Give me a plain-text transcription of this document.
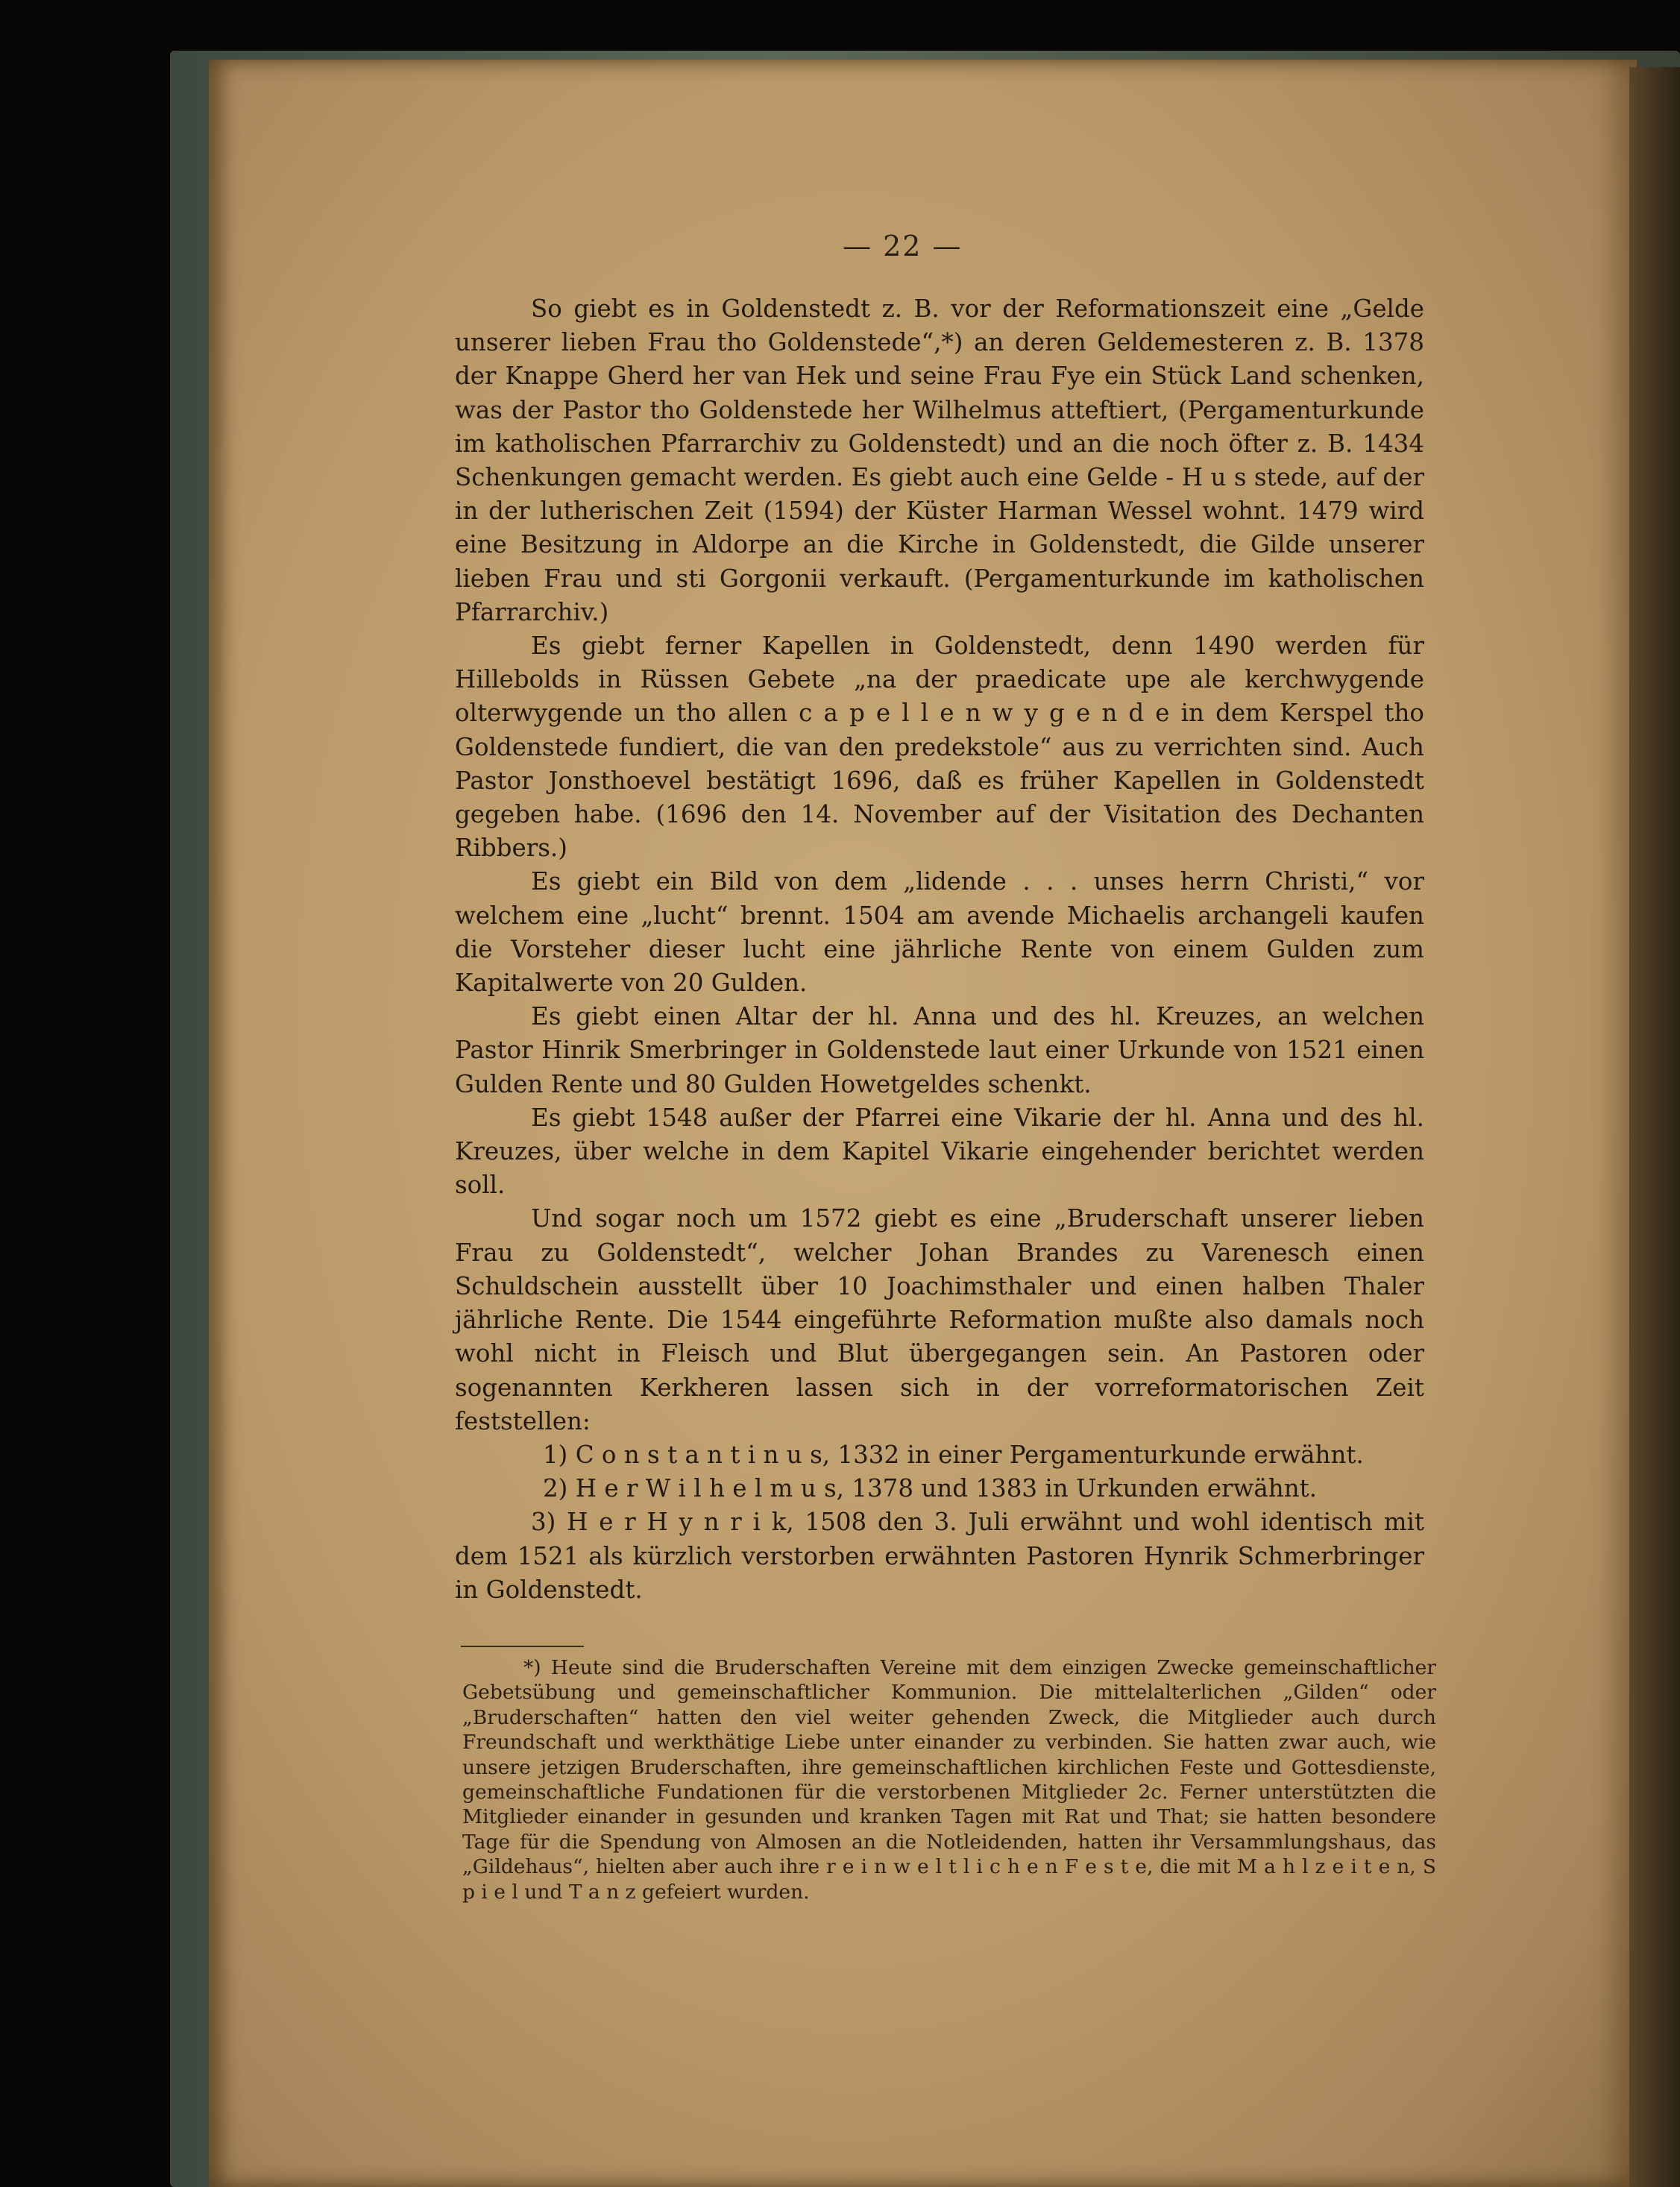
— 22 —

So giebt es in Goldenstedt z. B. vor der Reformationszeit eine „Gelde unserer lieben Frau tho Goldenstede“,*) an deren Geldemesteren z. B. 1378 der Knappe Gherd her van Hek und seine Frau Fye ein Stück Land schenken, was der Pastor tho Goldenstede her Wilhelmus atteftiert, (Pergamenturkunde im katholischen Pfarrarchiv zu Goldenstedt) und an die noch öfter z. B. 1434 Schenkungen gemacht werden. Es giebt auch eine Gelde - H u s stede, auf der in der lutherischen Zeit (1594) der Küster Harman Wessel wohnt. 1479 wird eine Besitzung in Aldorpe an die Kirche in Goldenstedt, die Gilde unserer lieben Frau und sti Gorgonii verkauft. (Pergamenturkunde im katholischen Pfarrarchiv.)

Es giebt ferner Kapellen in Goldenstedt, denn 1490 werden für Hillebolds in Rüssen Gebete „na der praedicate upe ale kerchwygende olterwygende un tho allen c a p e l l e n w y g e n d e in dem Kerspel tho Goldenstede fundiert, die van den predekstole“ aus zu verrichten sind. Auch Pastor Jonsthoevel bestätigt 1696, daß es früher Kapellen in Goldenstedt gegeben habe. (1696 den 14. November auf der Visitation des Dechanten Ribbers.)

Es giebt ein Bild von dem „lidende . . . unses herrn Christi,“ vor welchem eine „lucht“ brennt. 1504 am avende Michaelis archangeli kaufen die Vorsteher dieser lucht eine jährliche Rente von einem Gulden zum Kapitalwerte von 20 Gulden.

Es giebt einen Altar der hl. Anna und des hl. Kreuzes, an welchen Pastor Hinrik Smerbringer in Goldenstede laut einer Urkunde von 1521 einen Gulden Rente und 80 Gulden Howetgeldes schenkt.

Es giebt 1548 außer der Pfarrei eine Vikarie der hl. Anna und des hl. Kreuzes, über welche in dem Kapitel Vikarie eingehender berichtet werden soll.

Und sogar noch um 1572 giebt es eine „Bruderschaft unserer lieben Frau zu Goldenstedt“, welcher Johan Brandes zu Varenesch einen Schuldschein ausstellt über 10 Joachimsthaler und einen halben Thaler jährliche Rente. Die 1544 eingeführte Reformation mußte also damals noch wohl nicht in Fleisch und Blut übergegangen sein. An Pastoren oder sogenannten Kerkheren lassen sich in der vorreformatorischen Zeit feststellen:

1) C o n s t a n t i n u s, 1332 in einer Pergamenturkunde erwähnt.

2) H e r W i l h e l m u s, 1378 und 1383 in Urkunden erwähnt.

3) H e r H y n r i k, 1508 den 3. Juli erwähnt und wohl identisch mit dem 1521 als kürzlich verstorben erwähnten Pastoren Hynrik Schmerbringer in Goldenstedt.

*) Heute sind die Bruderschaften Vereine mit dem einzigen Zwecke gemeinschaftlicher Gebetsübung und gemeinschaftlicher Kommunion. Die mittelalterlichen „Gilden“ oder „Bruderschaften“ hatten den viel weiter gehenden Zweck, die Mitglieder auch durch Freundschaft und werkthätige Liebe unter einander zu verbinden. Sie hatten zwar auch, wie unsere jetzigen Bruderschaften, ihre gemeinschaftlichen kirchlichen Feste und Gottesdienste, gemeinschaftliche Fundationen für die verstorbenen Mitglieder 2c. Ferner unterstützten die Mitglieder einander in gesunden und kranken Tagen mit Rat und That; sie hatten besondere Tage für die Spendung von Almosen an die Notleidenden, hatten ihr Versammlungshaus, das „Gildehaus“, hielten aber auch ihre r e i n w e l t l i c h e n F e s t e, die mit M a h l z e i t e n, S p i e l und T a n z gefeiert wurden.
